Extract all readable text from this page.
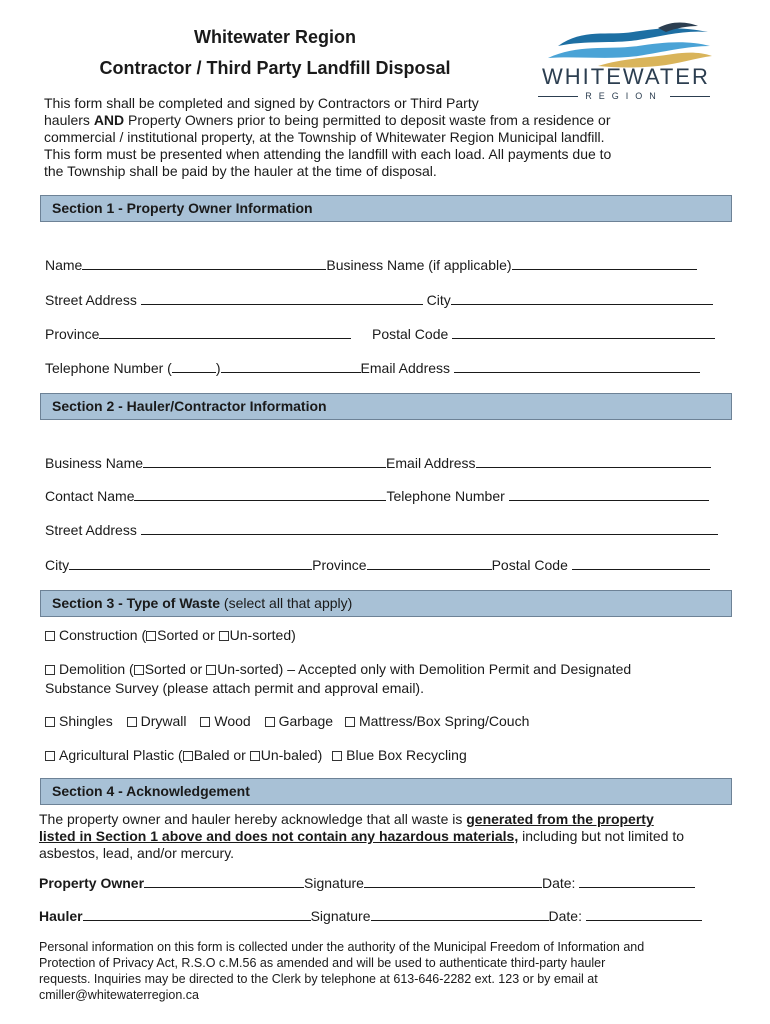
Whitewater Region
Contractor / Third Party Landfill Disposal	WHITEWATER
REGION
This form shall be completed and signed by Contractors or Third Party
haulers AND Property Owners prior to being permitted to deposit waste from a residence or
commercial / institutional property, at the Township of Whitewater Region Municipal landfill.
This form must be presented when attending the landfill with each load. All payments due to
the Township shall be paid by the hauler at the time of disposal.
Section 1 - Property Owner Information
Name	Business Name (if applicable)
Street Address	City
Province	Postal Code
Telephone Number (	)	Email Address
Section 2 - Hauler/Contractor Information
Business Name	Email Address
Contact Name	Telephone Number
Street Address
City	Province	Postal Code
Section 3 - Type of Waste (select all that apply)
Construction ( Sorted or Un-sorted)
Demolition ( Sorted or Un-sorted) – Accepted only with Demolition Permit and Designated
Substance Survey (please attach permit and approval email).
Shingles Drywall Wood Garbage Mattress/Box Spring/Couch
Agricultural Plastic ( Baled or Un-baled) Blue Box Recycling
Section 4 - Acknowledgement
The property owner and hauler hereby acknowledge that all waste is generated from the property
listed in Section 1 above and does not contain any hazardous materials, including but not limited to
asbestos, lead, and/or mercury.
Property Owner	Signature	Date:
Hauler	Signature	Date:
Personal information on this form is collected under the authority of the Municipal Freedom of Information and
Protection of Privacy Act, R.S.O c.M.56 as amended and will be used to authenticate third-party hauler
requests. Inquiries may be directed to the Clerk by telephone at 613-646-2282 ext. 123 or by email at
cmiller@whitewaterregion.ca
